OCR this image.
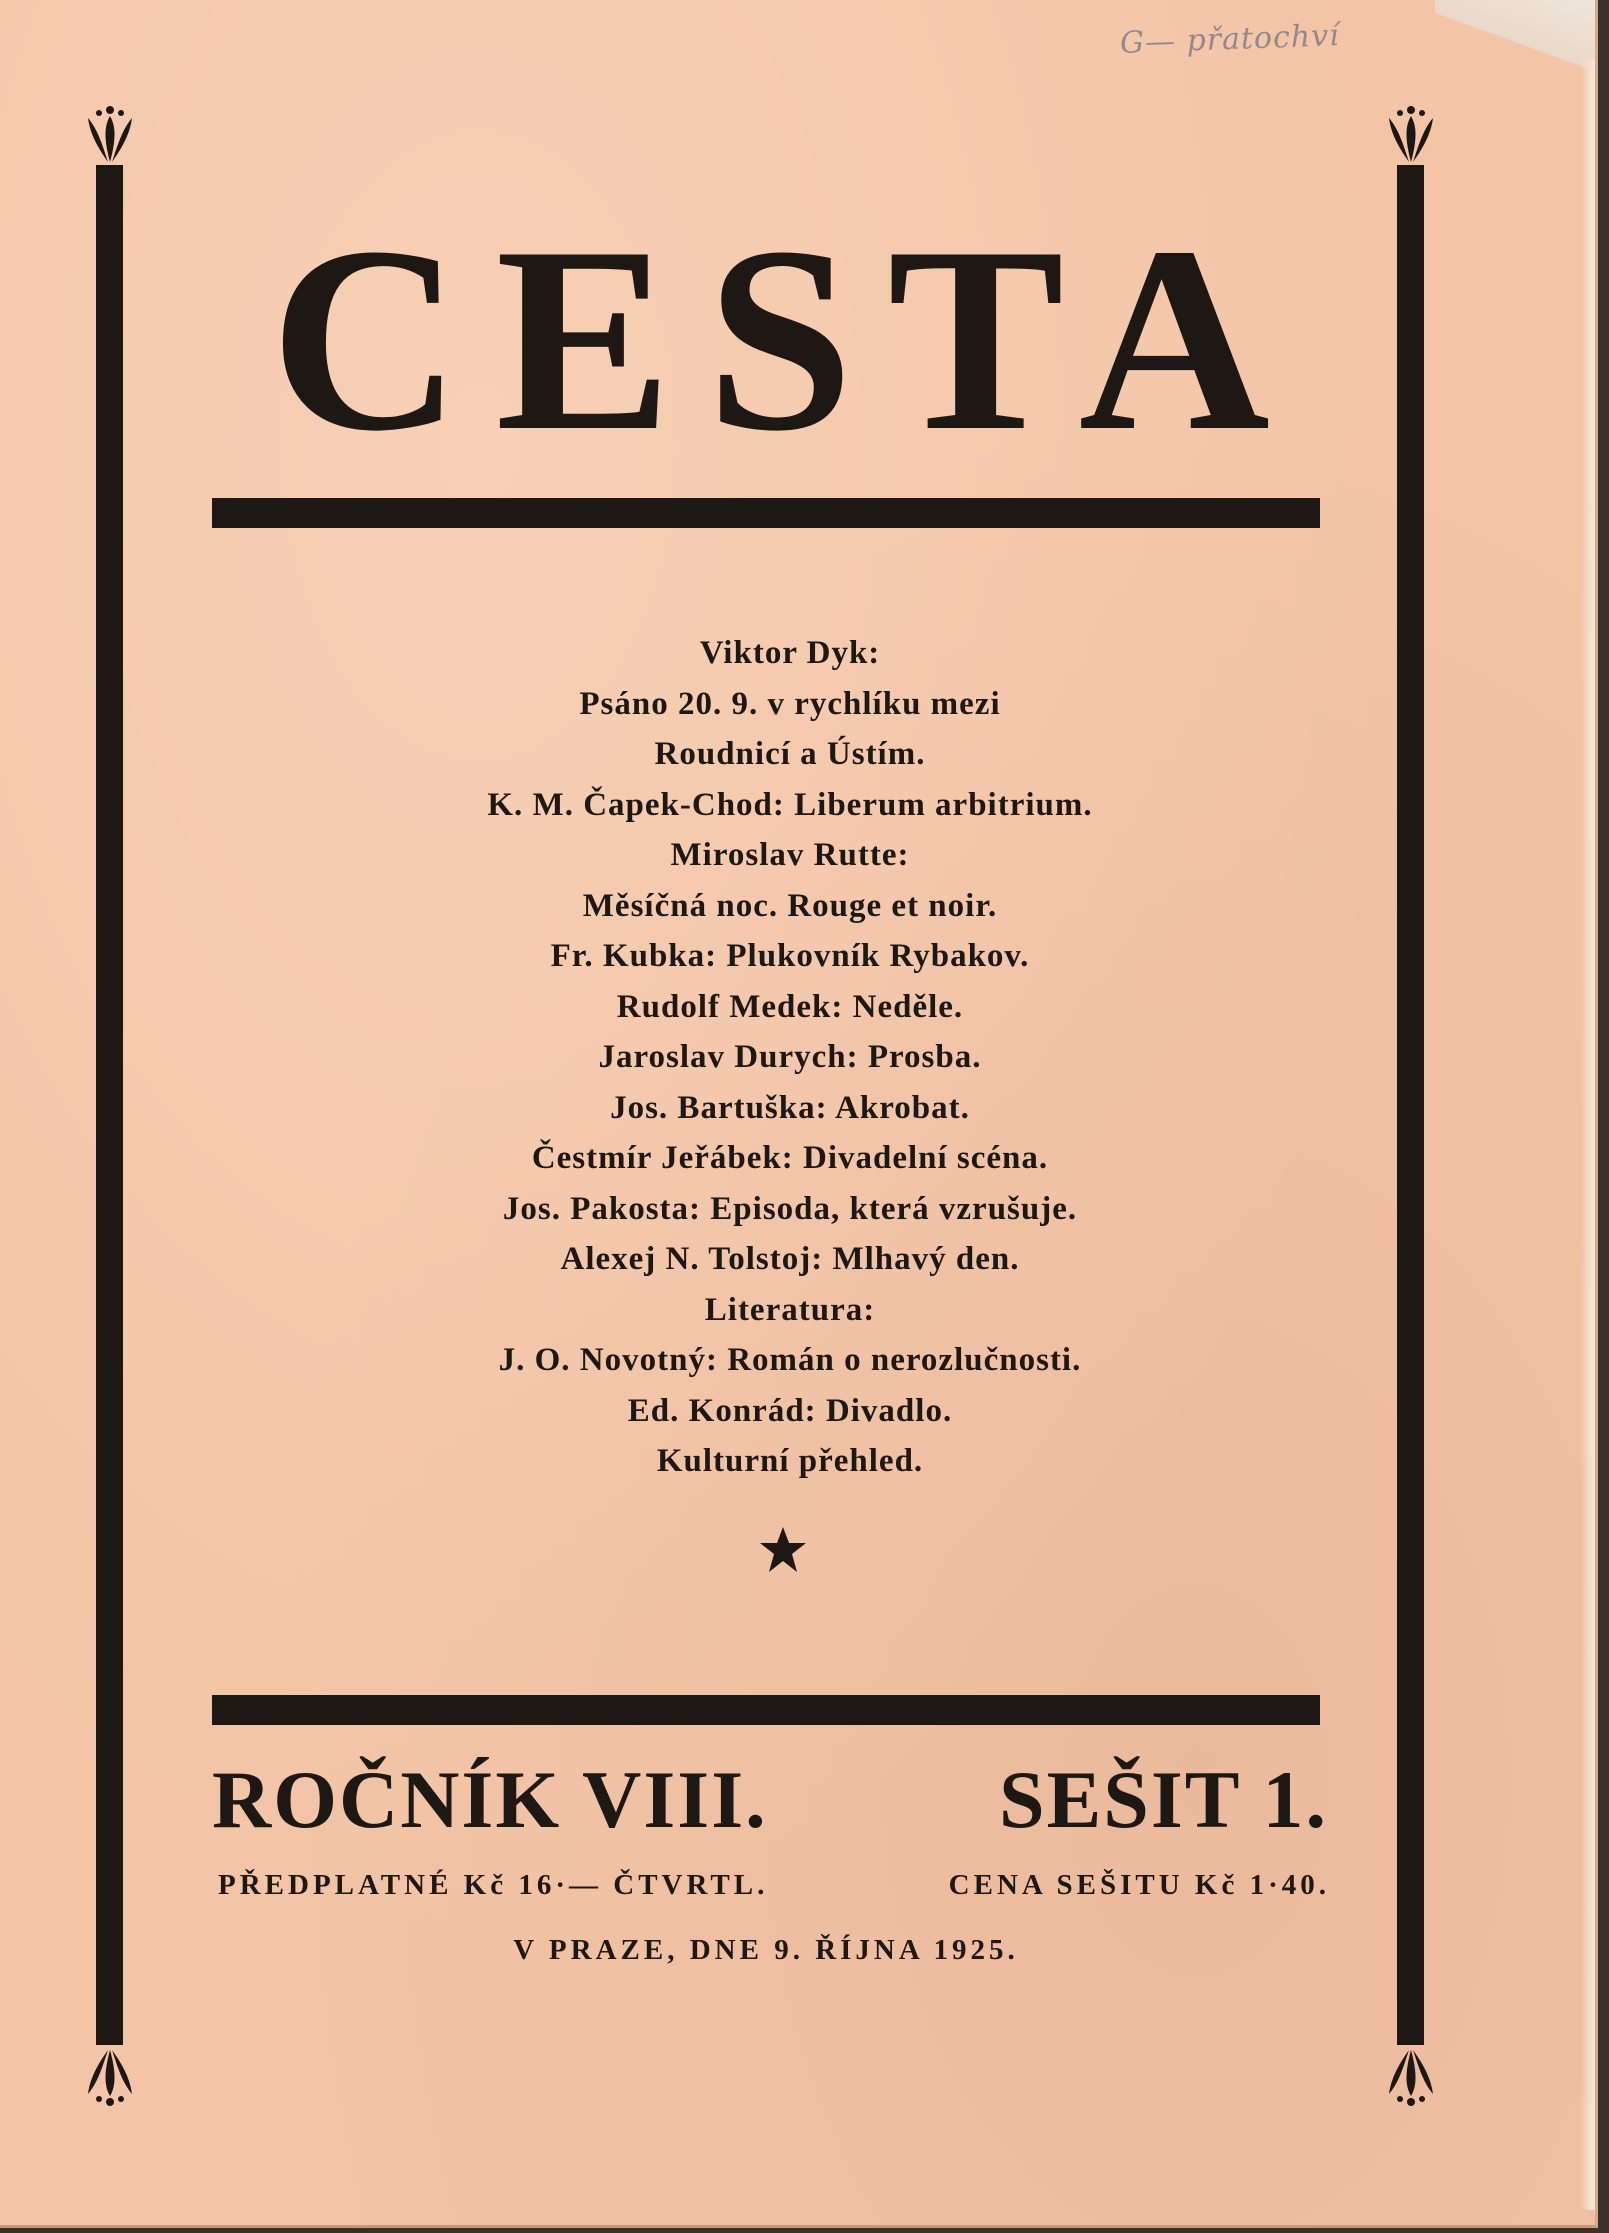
G— přatochví
CESTA
Viktor Dyk:
Psáno 20. 9. v rychlíku mezi
Roudnicí a Ústím.
K. M. Čapek-Chod: Liberum arbitrium.
Miroslav Rutte:
Měsíčná noc. Rouge et noir.
Fr. Kubka: Plukovník Rybakov.
Rudolf Medek: Neděle.
Jaroslav Durych: Prosba.
Jos. Bartuška: Akrobat.
Čestmír Jeřábek: Divadelní scéna.
Jos. Pakosta: Episoda, která vzrušuje.
Alexej N. Tolstoj: Mlhavý den.
Literatura:
J. O. Novotný: Román o nerozlučnosti.
Ed. Konrád: Divadlo.
Kulturní přehled.
ROČNÍK VIII.	SEŠIT 1.
PŘEDPLATNÉ Kč 16·— ČTVRTL.	CENA SEŠITU Kč 1·40.
V PRAZE, DNE 9. ŘÍJNA 1925.
